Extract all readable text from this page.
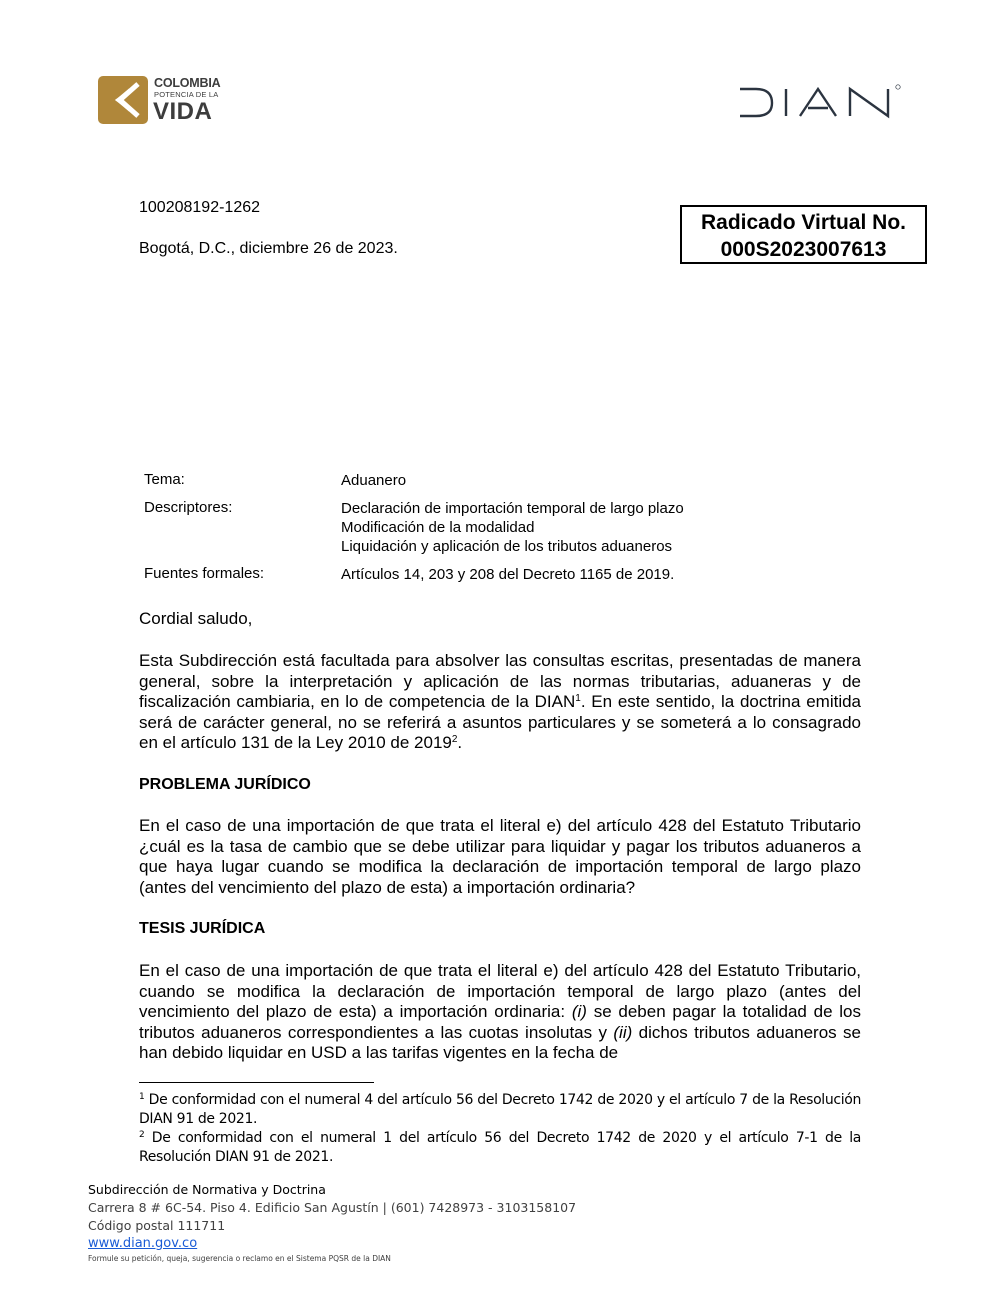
COLOMBIA
POTENCIA DE LA
VIDA
100208192-1262
Bogotá, D.C., diciembre 26 de 2023.
Radicado Virtual No.
000S2023007613
Tema:	Aduanero
Descriptores:	Declaración de importación temporal de largo plazo
Modificación de la modalidad
Liquidación y aplicación de los tributos aduaneros
Fuentes formales:	Artículos 14, 203 y 208 del Decreto 1165 de 2019.
Cordial saludo,
Esta Subdirección está facultada para absolver las consultas escritas, presentadas de manera general, sobre la interpretación y aplicación de las normas tributarias, aduaneras y de fiscalización cambiaria, en lo de competencia de la DIAN$^1$. En este sentido, la doctrina emitida será de carácter general, no se referirá a asuntos particulares y se someterá a lo consagrado en el artículo 131 de la Ley 2010 de 2019$^2$.
PROBLEMA JURÍDICO
En el caso de una importación de que trata el literal e) del artículo 428 del Estatuto Tributario ¿cuál es la tasa de cambio que se debe utilizar para liquidar y pagar los tributos aduaneros a que haya lugar cuando se modifica la declaración de importación temporal de largo plazo (antes del vencimiento del plazo de esta) a importación ordinaria?
TESIS JURÍDICA
En el caso de una importación de que trata el literal e) del artículo 428 del Estatuto Tributario, cuando se modifica la declaración de importación temporal de largo plazo (antes del vencimiento del plazo de esta) a importación ordinaria: (i) se deben pagar la totalidad de los tributos aduaneros correspondientes a las cuotas insolutas y (ii) dichos tributos aduaneros se han debido liquidar en USD a las tarifas vigentes en la fecha de
$^1$ De conformidad con el numeral 4 del artículo 56 del Decreto 1742 de 2020 y el artículo 7 de la Resolución DIAN 91 de 2021.
$^2$ De conformidad con el numeral 1 del artículo 56 del Decreto 1742 de 2020 y el artículo 7-1 de la Resolución DIAN 91 de 2021.
Subdirección de Normativa y Doctrina
Carrera 8 # 6C-54. Piso 4. Edificio San Agustín | (601) 7428973 - 3103158107
Código postal 111711
www.dian.gov.co
Formule su petición, queja, sugerencia o reclamo en el Sistema PQSR de la DIAN
